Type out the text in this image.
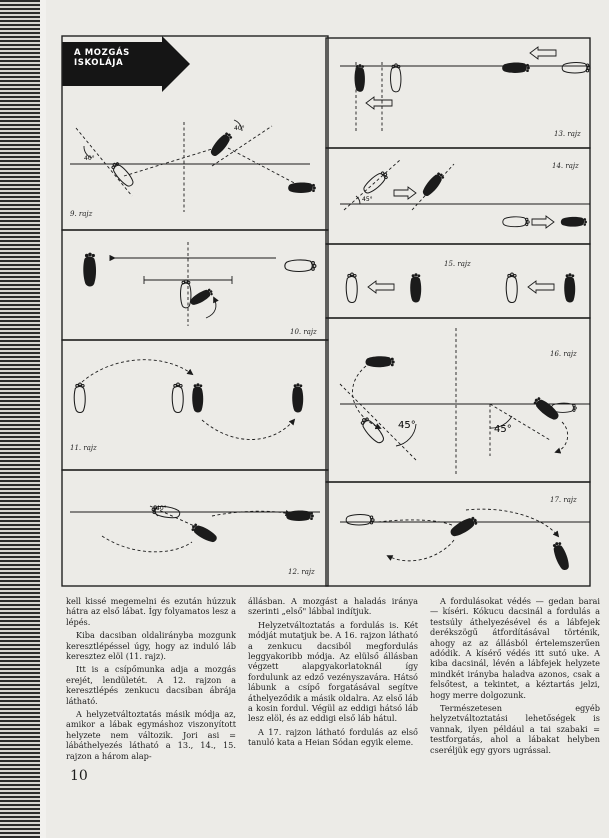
40°
40°
40°
45°
45°	45°
A MOZGÁS
ISKOLÁJA
9. rajz
10. rajz
11. rajz
12. rajz
13. rajz
14. rajz
15. rajz
16. rajz
17. rajz

kell kissé megemelni és ezután húzzuk hátra az első lábat. Így folyamatos lesz a lépés.

Kiba dacsiban oldalirányba mozgunk keresztlépéssel úgy, hogy az induló láb keresztez elöl (11. rajz).

Itt is a csípőmunka adja a mozgás erejét, lendületét. A 12. rajzon a keresztlépés zenkucu dacsiban ábrája látható.

A helyzetváltoztatás másik módja az, amikor a lábak egymáshoz viszonyított helyzete nem változik. Jori asi = lábáthelyezés látható a 13., 14., 15. rajzon a három alap-

állásban. A mozgást a haladás iránya szerinti „első" lábbal indítjuk.

Helyzetváltoztatás a fordulás is. Két módját mutatjuk be. A 16. rajzon látható a zenkucu dacsiból megfordulás leggyakoribb módja. Az elülső állásban végzett alapgyakorlatoknál így fordulunk az edző vezényszavára. Hátsó lábunk a csípő forgatásával segítve áthelyeződik a másik oldalra. Az első láb a kosin fordul. Végül az eddigi hátsó láb lesz elöl, és az eddigi első láb hátul.

A 17. rajzon látható fordulás az első tanuló kata a Heian Sódan egyik eleme.

A fordulásokat védés — gedan barai — kíséri. Kókucu dacsinál a fordulás a testsúly áthelyezésével és a lábfejek derékszögű átfordításával történik, ahogy az az állásból értelemszerűen adódik. A kísérő védés itt sutó uke. A kiba dacsinál, lévén a lábfejek helyzete mindkét irányba haladva azonos, csak a felsőtest, a tekintet, a kéztartás jelzi, hogy merre dolgozunk.

Természetesen egyéb helyzetváltoztatási lehetőségek is vannak, ilyen például a tai szabaki = testforgatás, ahol a lábakat helyben cseréljük egy gyors ugrással.

10
